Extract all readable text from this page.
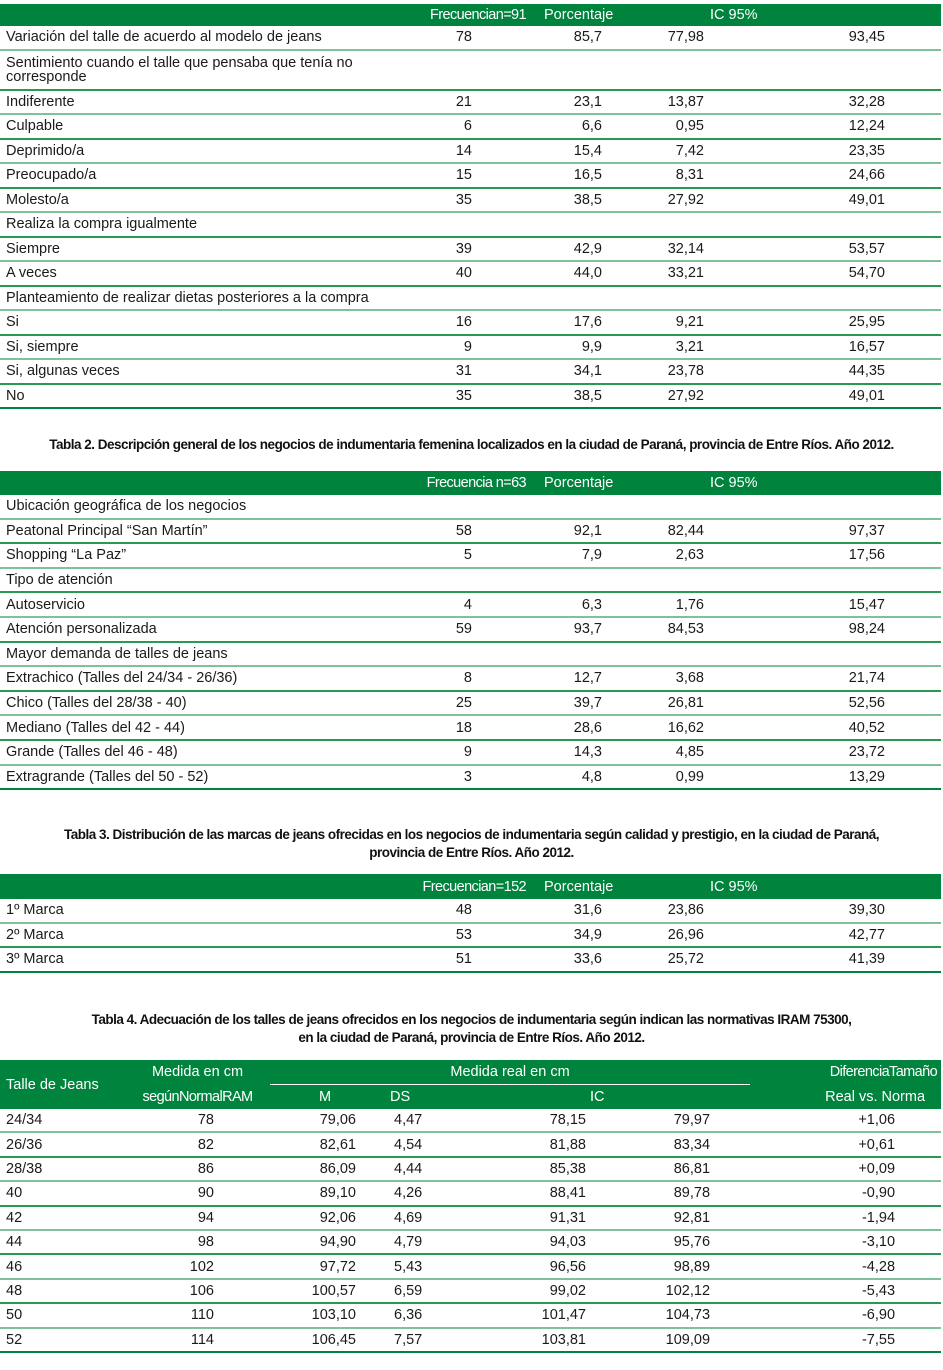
	Frecuencian=91	Porcentaje	IC 95%	
Variación del talle de acuerdo al modelo de jeans	78	85,7	77,98	93,45
Sentimiento cuando el talle que pensaba que tenía no corresponde				
Indiferente	21	23,1	13,87	32,28
Culpable	6	6,6	0,95	12,24
Deprimido/a	14	15,4	7,42	23,35
Preocupado/a	15	16,5	8,31	24,66
Molesto/a	35	38,5	27,92	49,01
Realiza la compra igualmente				
Siempre	39	42,9	32,14	53,57
A veces	40	44,0	33,21	54,70
Planteamiento de realizar dietas posteriores a la compra				
Si	16	17,6	9,21	25,95
Si, siempre	9	9,9	3,21	16,57
Si, algunas veces	31	34,1	23,78	44,35
No	35	38,5	27,92	49,01
Tabla 2. Descripción general de los negocios de indumentaria femenina localizados en la ciudad de Paraná, provincia de Entre Ríos. Año 2012.
	Frecuencia n=63	Porcentaje	IC 95%	
Ubicación geográfica de los negocios				
Peatonal Principal “San Martín”	58	92,1	82,44	97,37
Shopping “La Paz”	5	7,9	2,63	17,56
Tipo de atención				
Autoservicio	4	6,3	1,76	15,47
Atención personalizada	59	93,7	84,53	98,24
Mayor demanda de talles de jeans				
Extrachico (Talles del 24/34 - 26/36)	8	12,7	3,68	21,74
Chico (Talles del 28/38 - 40)	25	39,7	26,81	52,56
Mediano (Talles del 42 - 44)	18	28,6	16,62	40,52
Grande (Talles del 46 - 48)	9	14,3	4,85	23,72
Extragrande (Talles del 50 - 52)	3	4,8	0,99	13,29
Tabla 3. Distribución de las marcas de jeans ofrecidas en los negocios de indumentaria según calidad y prestigio, en la ciudad de Paraná,
provincia de Entre Ríos. Año 2012.
	Frecuencian=152	Porcentaje	IC 95%	
1º Marca	48	31,6	23,86	39,30
2º Marca	53	34,9	26,96	42,77
3º Marca	51	33,6	25,72	41,39
Tabla 4. Adecuación de los talles de jeans ofrecidos en los negocios de indumentaria según indican las normativas IRAM 75300,
en la ciudad de Paraná, provincia de Entre Ríos. Año 2012.
Talle de Jeans	Medida en cm	Medida real en cm				DiferenciaTamaño
	segúnNormalRAM	M	DS	IC		Real vs. Norma
24/34	78	79,06	4,47	78,15	79,97	+1,06
26/36	82	82,61	4,54	81,88	83,34	+0,61
28/38	86	86,09	4,44	85,38	86,81	+0,09
40	90	89,10	4,26	88,41	89,78	-0,90
42	94	92,06	4,69	91,31	92,81	-1,94
44	98	94,90	4,79	94,03	95,76	-3,10
46	102	97,72	5,43	96,56	98,89	-4,28
48	106	100,57	6,59	99,02	102,12	-5,43
50	110	103,10	6,36	101,47	104,73	-6,90
52	114	106,45	7,57	103,81	109,09	-7,55
